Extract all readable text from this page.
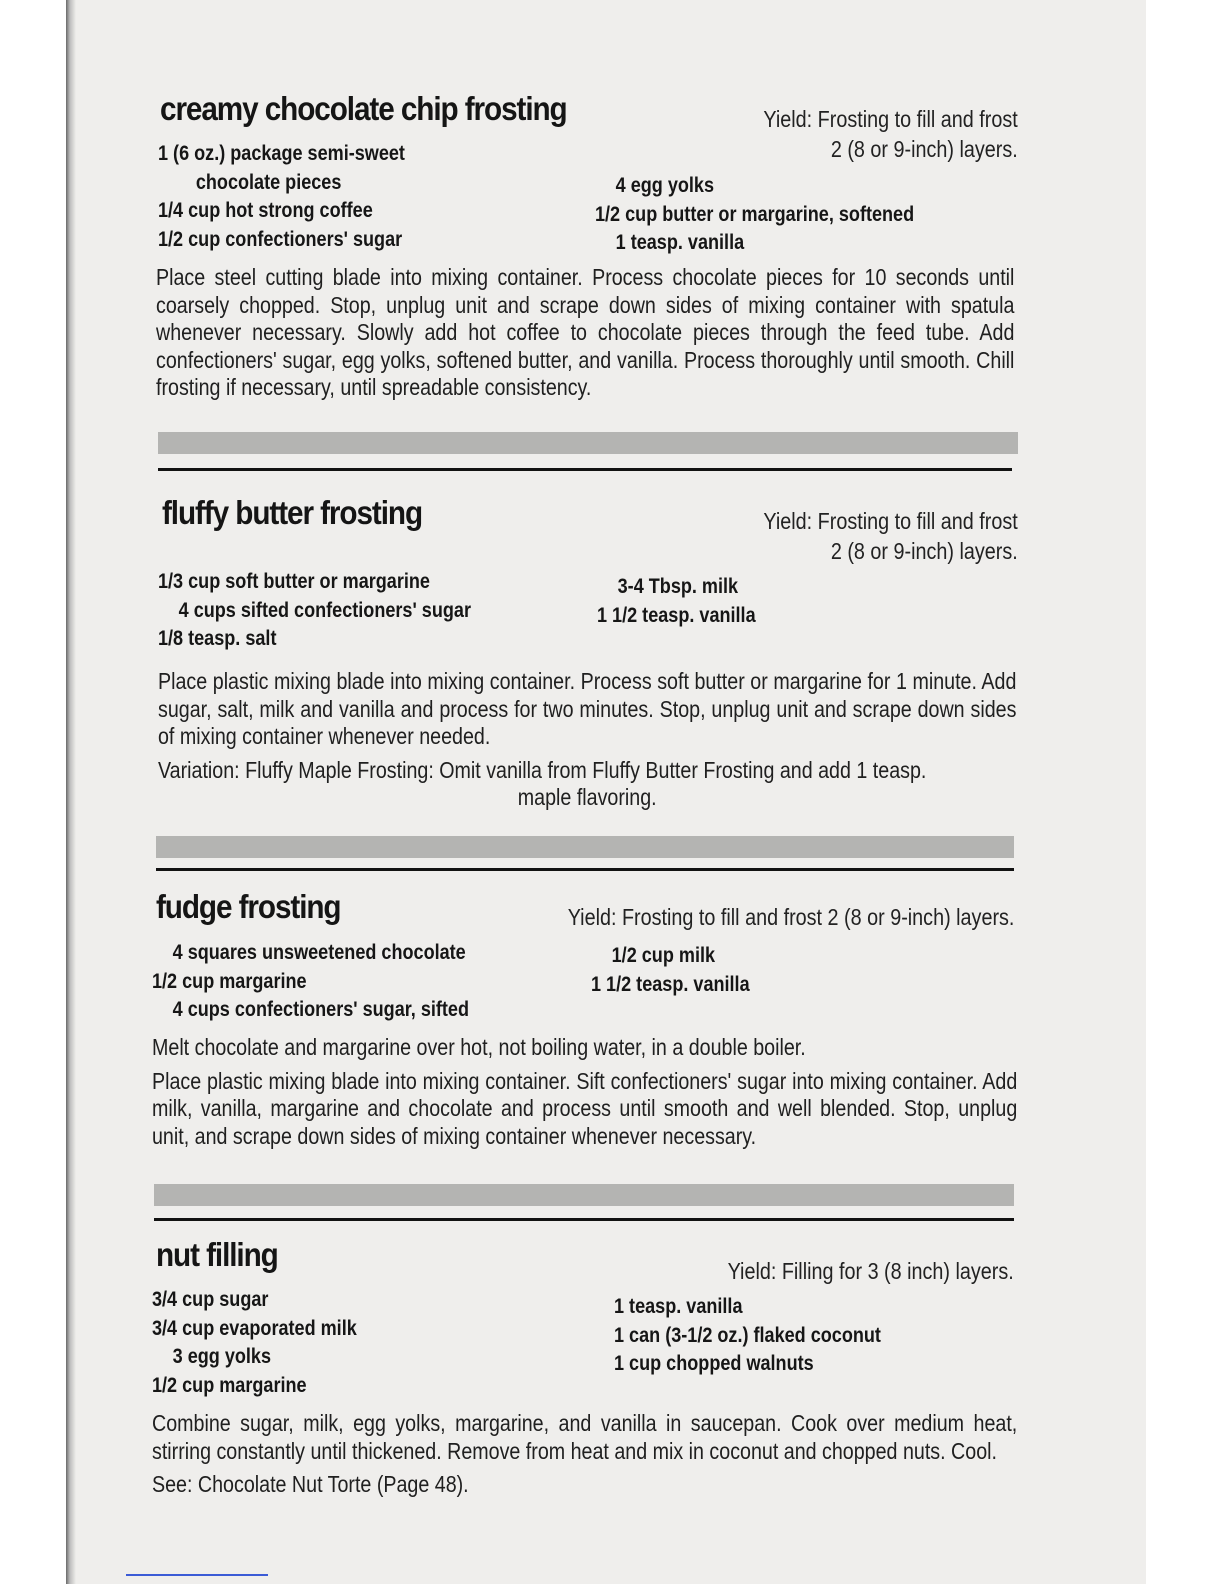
creamy chocolate chip frosting	Yield: Frosting to fill and frost
2 (8 or 9-inch) layers.
1 (6 oz.) package semi-sweet
chocolate pieces
1/4 cup hot strong coffee
1/2 cup confectioners' sugar
4 egg yolks
1/2 cup butter or margarine, softened
1 teasp. vanilla

Place steel cutting blade into mixing container. Process chocolate pieces for 10 seconds until coarsely chopped. Stop, unplug unit and scrape down sides of mixing container with spatula whenever necessary. Slowly add hot coffee to chocolate pieces through the feed tube. Add confectioners' sugar, egg yolks, softened butter, and vanilla. Process thoroughly until smooth. Chill frosting if necessary, until spreadable consistency.

fluffy butter frosting	Yield: Frosting to fill and frost
2 (8 or 9-inch) layers.
1/3 cup soft butter or margarine
4 cups sifted confectioners' sugar
1/8 teasp. salt
3-4 Tbsp. milk
1 1/2 teasp. vanilla

Place plastic mixing blade into mixing container. Process soft butter or margarine for 1 minute. Add sugar, salt, milk and vanilla and process for two minutes. Stop, unplug unit and scrape down sides of mixing container whenever needed.

Variation: Fluffy Maple Frosting: Omit vanilla from Fluffy Butter Frosting and add 1 teasp.
maple flavoring.

fudge frosting	Yield: Frosting to fill and frost 2 (8 or 9-inch) layers.
4 squares unsweetened chocolate
1/2 cup margarine
4 cups confectioners' sugar, sifted
1/2 cup milk
1 1/2 teasp. vanilla

Melt chocolate and margarine over hot, not boiling water, in a double boiler.

Place plastic mixing blade into mixing container. Sift confectioners' sugar into mixing container. Add milk, vanilla, margarine and chocolate and process until smooth and well blended. Stop, unplug unit, and scrape down sides of mixing container whenever necessary.

nut filling	Yield: Filling for 3 (8 inch) layers.
3/4 cup sugar
3/4 cup evaporated milk
3 egg yolks
1/2 cup margarine
1 teasp. vanilla
1 can (3-1/2 oz.) flaked coconut
1 cup chopped walnuts

Combine sugar, milk, egg yolks, margarine, and vanilla in saucepan. Cook over medium heat, stirring constantly until thickened. Remove from heat and mix in coconut and chopped nuts. Cool.

See: Chocolate Nut Torte (Page 48).
